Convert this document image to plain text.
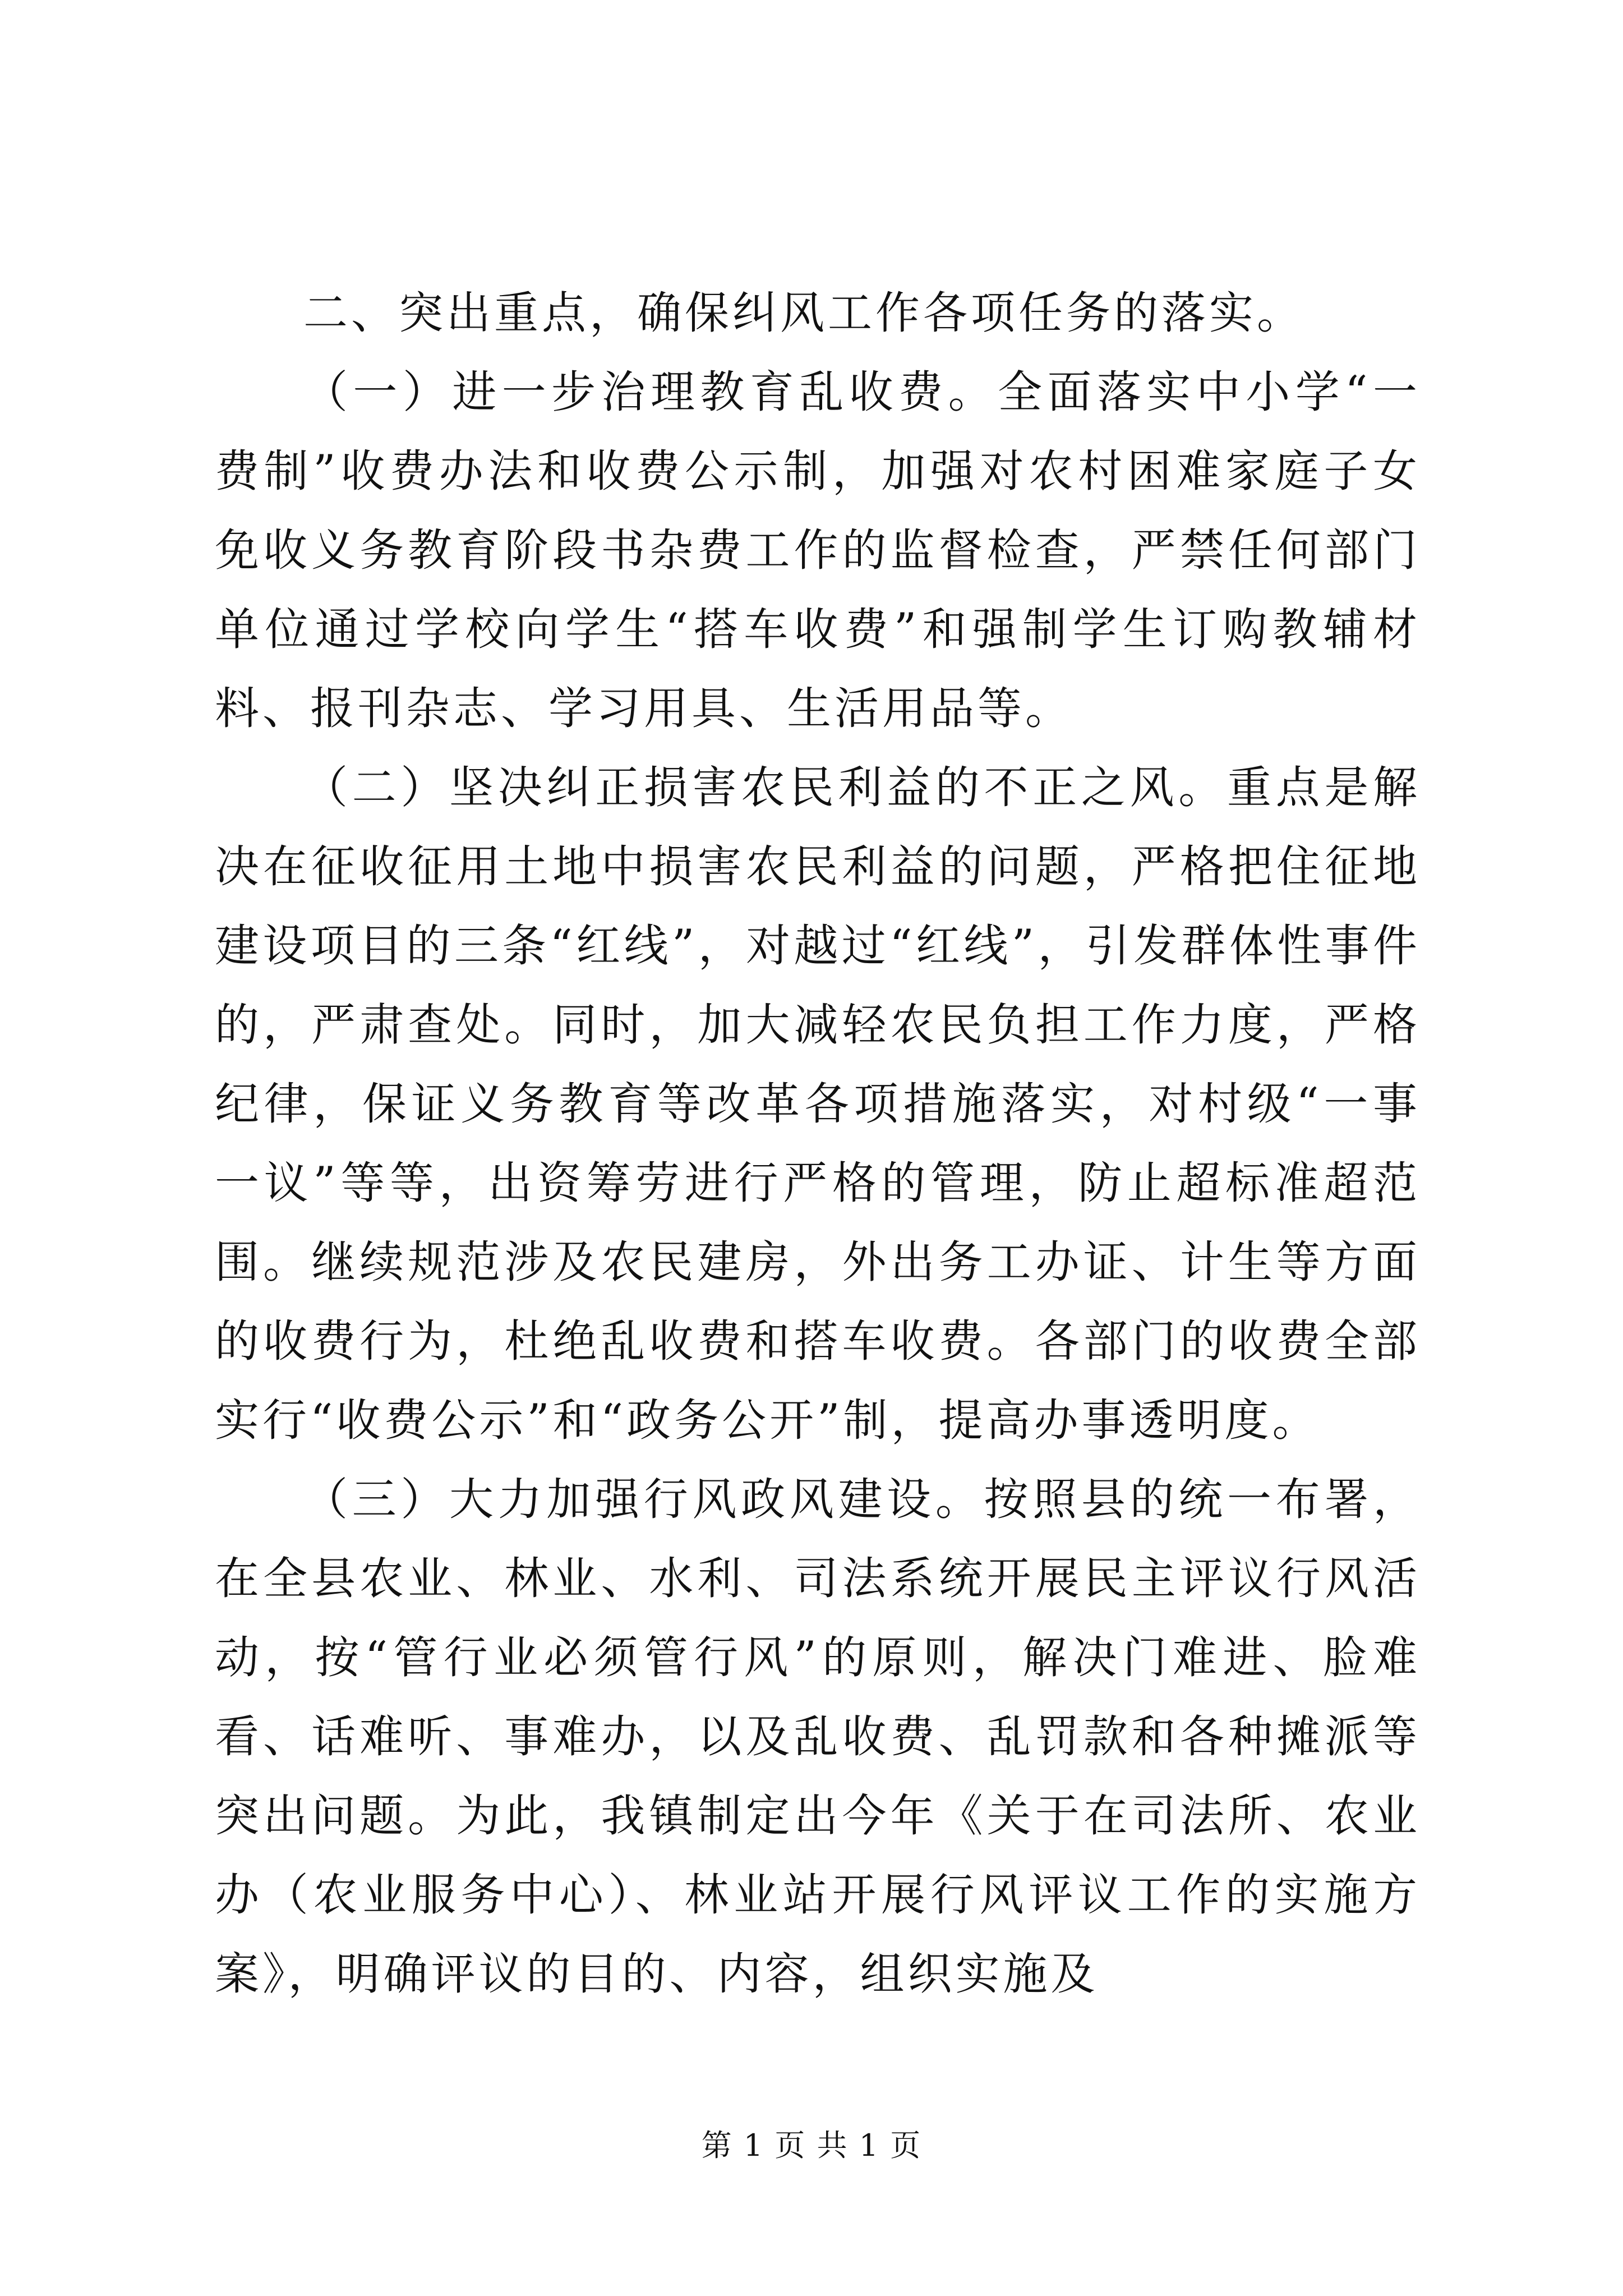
二、突出重点，确保纠风工作各项任务的落实。

（一）进一步治理教育乱收费。全面落实中小学“一费制”收费办法和收费公示制，加强对农村困难家庭子女免收义务教育阶段书杂费工作的监督检查，严禁任何部门单位通过学校向学生“搭车收费”和强制学生订购教辅材料、报刊杂志、学习用具、生活用品等。

（二）坚决纠正损害农民利益的不正之风。重点是解决在征收征用土地中损害农民利益的问题，严格把住征地建设项目的三条“红线”，对越过“红线”，引发群体性事件的，严肃查处。同时，加大减轻农民负担工作力度，严格纪律，保证义务教育等改革各项措施落实，对村级“一事一议”等等，出资筹劳进行严格的管理，防止超标准超范围。继续规范涉及农民建房，外出务工办证、计生等方面的收费行为，杜绝乱收费和搭车收费。各部门的收费全部实行“收费公示”和“政务公开”制，提高办事透明度。

（三）大力加强行风政风建设。按照县的统一布署，在全县农业、林业、水利、司法系统开展民主评议行风活动，按“管行业必须管行风”的原则，解决门难进、脸难看、话难听、事难办，以及乱收费、乱罚款和各种摊派等突出问题。为此，我镇制定出今年《关于在司法所、农业办（农业服务中心）、林业站开展行风评议工作的实施方案》，明确评议的目的、内容，组织实施及

第 1 页 共 1 页
